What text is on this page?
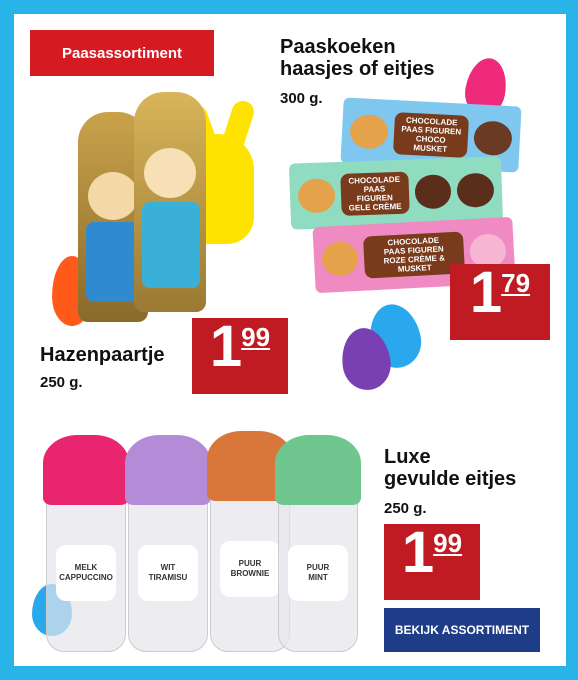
Paasassortiment	Paaskoeken
haasjes of eitjes
300 g.
CHOCOLADE
PAAS FIGUREN
CHOCO MUSKET
CHOCOLADE
PAAS FIGUREN
GELE CRÈME
CHOCOLADE
PAAS FIGUREN
ROZE CRÈME & MUSKET 1 79
Hazenpaartje
250 g.
1 99
MELK
CAPPUCCINO
WIT
TIRAMISU
PUUR
BROWNIE
PUUR
MINT
Luxe
gevulde eitjes
250 g.
1 99
BEKIJK ASSORTIMENT
